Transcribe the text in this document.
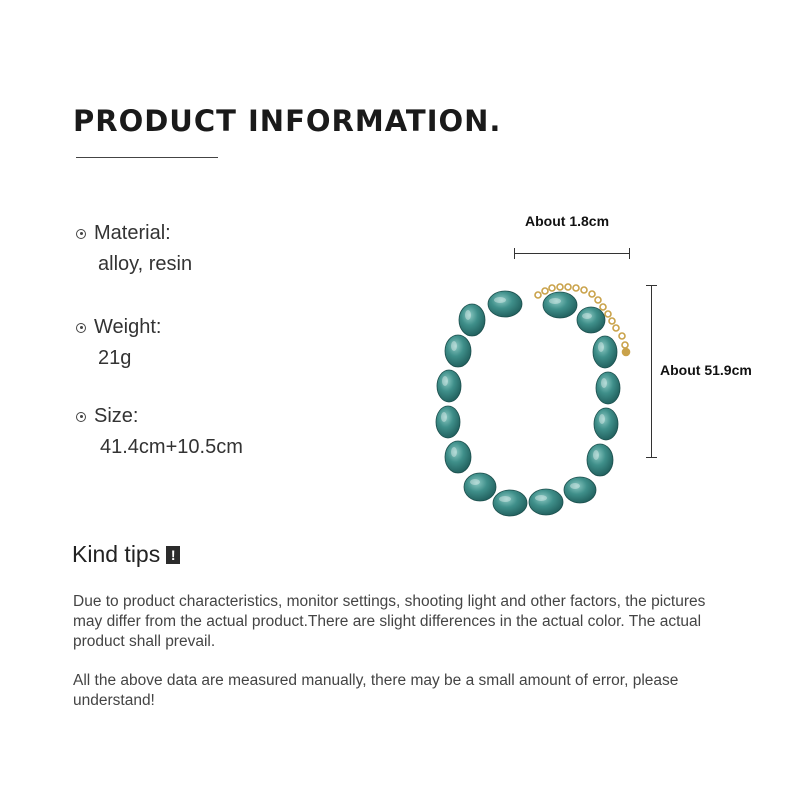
PRODUCT INFORMATION.
Material:
alloy, resin
Weight:
21g
Size:
41.4cm+10.5cm
About 1.8cm
About 51.9cm
Kind tips !
Due to product characteristics, monitor settings, shooting light and other factors, the pictures may differ from the actual product.There are slight differences in the actual color. The actual product shall prevail.
All the above data are measured manually, there may be a small amount of error, please understand!
